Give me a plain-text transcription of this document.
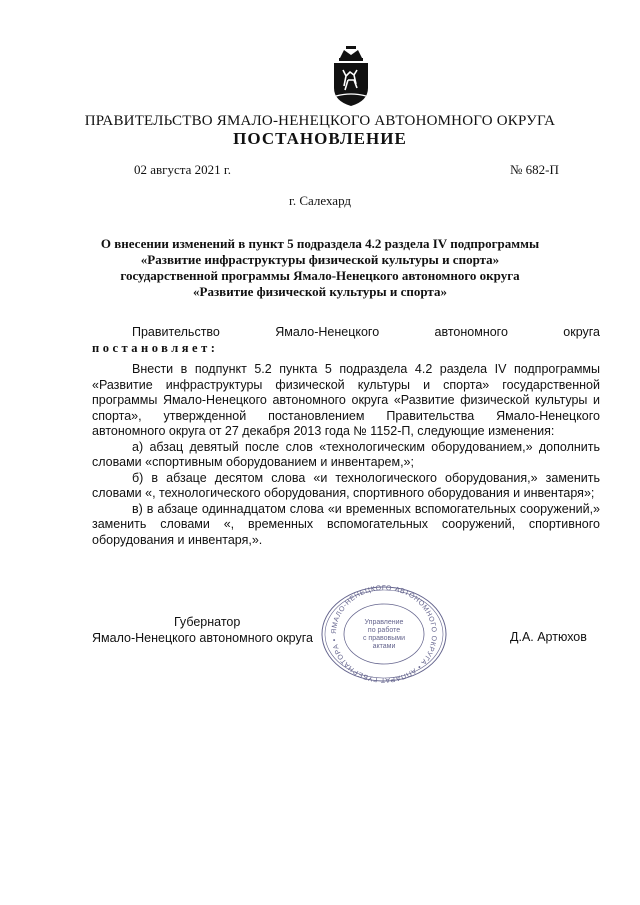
ПРАВИТЕЛЬСТВО ЯМАЛО-НЕНЕЦКОГО АВТОНОМНОГО ОКРУГА
ПОСТАНОВЛЕНИЕ
02 августа 2021 г.	№ 682-П
г. Салехард
О внесении изменений в пункт 5 подраздела 4.2 раздела IV подпрограммы «Развитие инфраструктуры физической культуры и спорта» государственной программы Ямало-Ненецкого автономного округа «Развитие физической культуры и спорта»
Правительство	Ямало-Ненецкого	автономного	округа
постановляет:

Внести в подпункт 5.2 пункта 5 подраздела 4.2 раздела IV подпрограммы «Развитие инфраструктуры физической культуры и спорта» государственной программы Ямало-Ненецкого автономного округа «Развитие физической культуры и спорта», утвержденной постановлением Правительства Ямало-Ненецкого автономного округа от 27 декабря 2013 года № 1152-П, следующие изменения:

а) абзац девятый после слов «технологическим оборудованием,» дополнить словами «спортивным оборудованием и инвентарем,»;

б) в абзаце десятом слова «и технологического оборудования,» заменить словами «, технологического оборудования, спортивного оборудования и инвентаря»;

в) в абзаце одиннадцатом слова «и временных вспомогательных сооружений,» заменить словами «, временных вспомогательных сооружений, спортивного оборудования и инвентаря,».

Губернатор
Ямало-Ненецкого автономного округа	Д.А. Артюхов
ЯМАЛО-НЕНЕЦКОГО АВТОНОМНОГО ОКРУГА • АППАРАТ ГУБЕРНАТОРА •
Управление
по работе
с правовыми
актами
